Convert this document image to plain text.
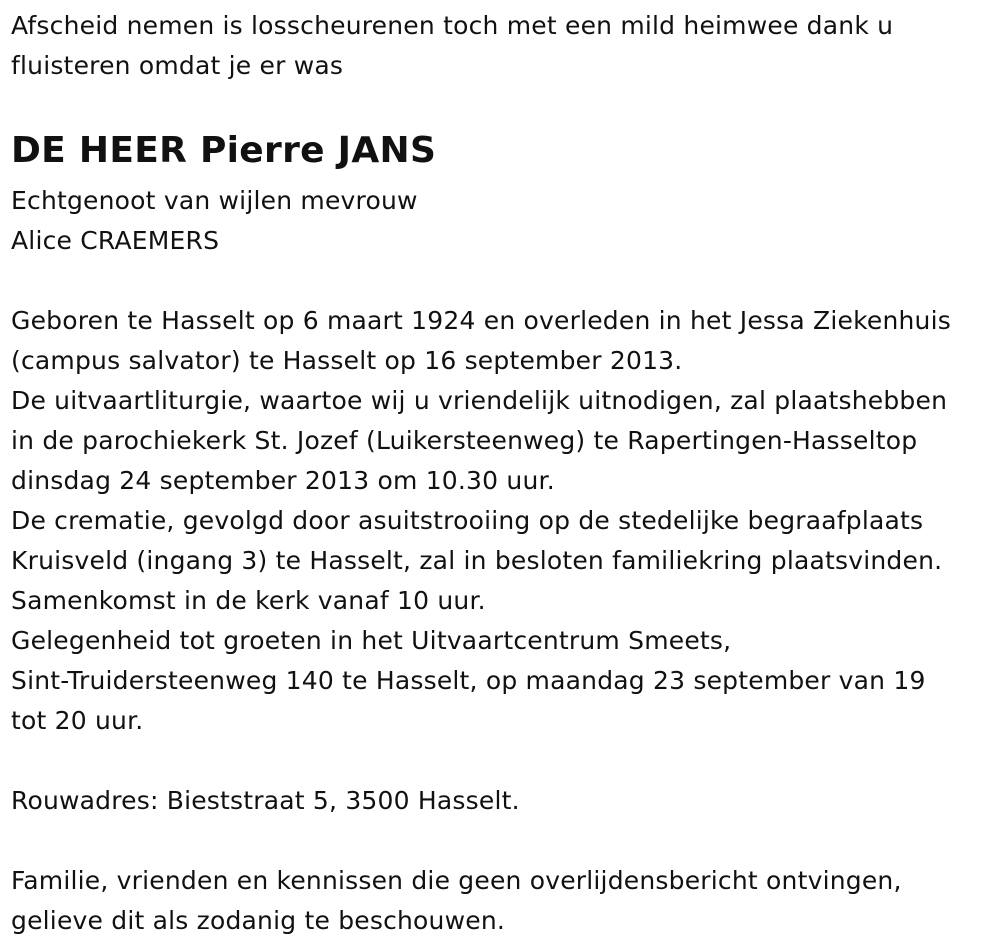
Afscheid nemen is losscheurenen toch met een mild heimwee dank u
fluisteren omdat je er was
DE HEER Pierre JANS
Echtgenoot van wijlen mevrouw
Alice CRAEMERS
Geboren te Hasselt op 6 maart 1924 en overleden in het Jessa Ziekenhuis
(campus salvator) te Hasselt op 16 september 2013.
De uitvaartliturgie, waartoe wij u vriendelijk uitnodigen, zal plaatshebben
in de parochiekerk St. Jozef (Luikersteenweg) te Rapertingen-Hasseltop
dinsdag 24 september 2013 om 10.30 uur.
De crematie, gevolgd door asuitstrooiing op de stedelijke begraafplaats
Kruisveld (ingang 3) te Hasselt, zal in besloten familiekring plaatsvinden.
Samenkomst in de kerk vanaf 10 uur.
Gelegenheid tot groeten in het Uitvaartcentrum Smeets,
Sint-Truidersteenweg 140 te Hasselt, op maandag 23 september van 19
tot 20 uur.
Rouwadres: Bieststraat 5, 3500 Hasselt.
Familie, vrienden en kennissen die geen overlijdensbericht ontvingen,
gelieve dit als zodanig te beschouwen.
